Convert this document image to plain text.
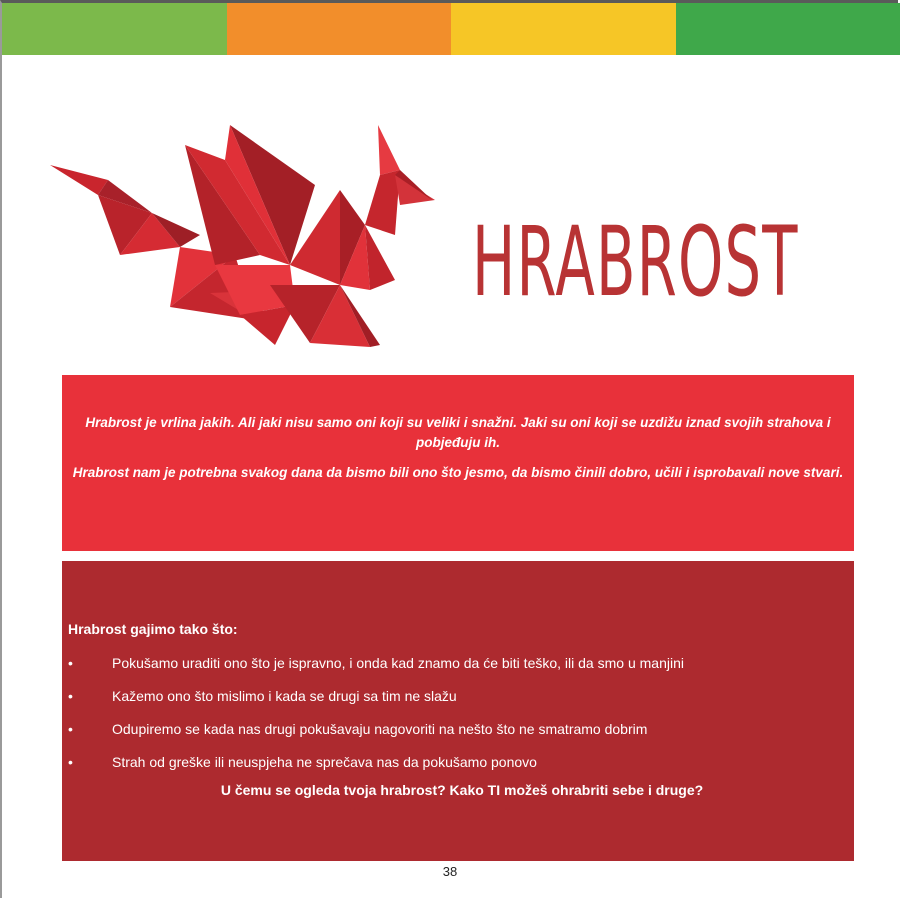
HRABROST

Hrabrost je vrlina jakih. Ali jaki nisu samo oni koji su veliki i snažni. Jaki su oni koji se uzdižu iznad svojih strahova i pobjeđuju ih.

Hrabrost nam je potrebna svakog dana da bismo bili ono što jesmo, da bismo činili dobro, učili i isprobavali nove stvari.

Hrabrost gajimo tako što:
•	Pokušamo uraditi ono što je ispravno, i onda kad znamo da će biti teško, ili da smo u manjini
•	Kažemo ono što mislimo i kada se drugi sa tim ne slažu
•	Odupiremo se kada nas drugi pokušavaju nagovoriti na nešto što ne smatramo dobrim
•	Strah od greške ili neuspjeha ne sprečava nas da pokušamo ponovo

U čemu se ogleda tvoja hrabrost? Kako TI možeš ohrabriti sebe i druge?

38
